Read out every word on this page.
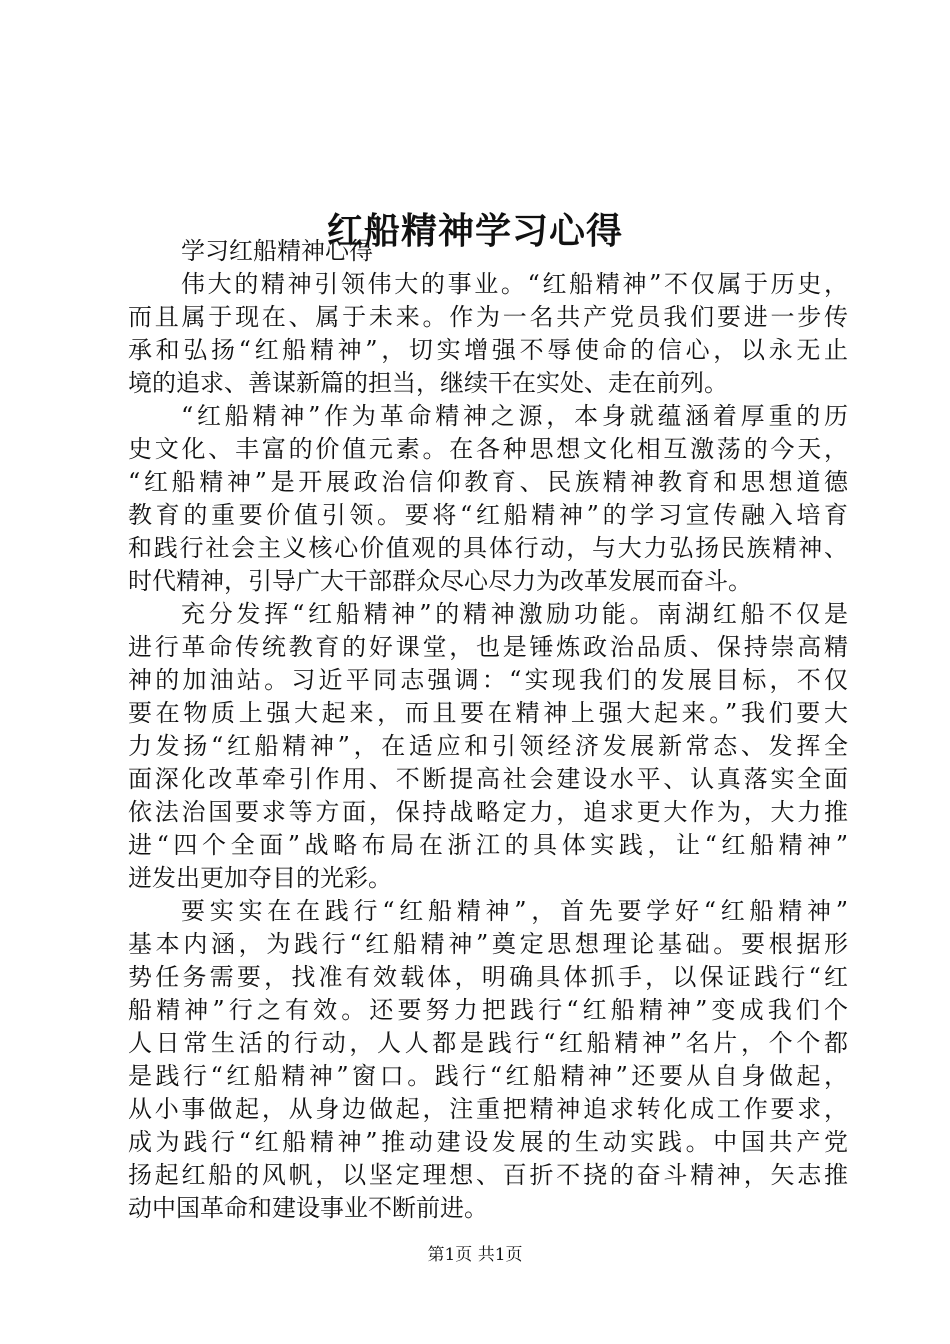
红船精神学习心得
学习红船精神心得
伟大的精神引领伟大的事业。“红船精神”不仅属于历史，
而且属于现在、属于未来。作为一名共产党员我们要进一步传
承和弘扬“红船精神”，切实增强不辱使命的信心，以永无止
境的追求、善谋新篇的担当，继续干在实处、走在前列。
“红船精神”作为革命精神之源，本身就蕴涵着厚重的历
史文化、丰富的价值元素。在各种思想文化相互激荡的今天，
“红船精神”是开展政治信仰教育、民族精神教育和思想道德
教育的重要价值引领。要将“红船精神”的学习宣传融入培育
和践行社会主义核心价值观的具体行动，与大力弘扬民族精神、
时代精神，引导广大干部群众尽心尽力为改革发展而奋斗。
充分发挥“红船精神”的精神激励功能。南湖红船不仅是
进行革命传统教育的好课堂，也是锤炼政治品质、保持崇高精
神的加油站。习近平同志强调：“实现我们的发展目标，不仅
要在物质上强大起来，而且要在精神上强大起来。”我们要大
力发扬“红船精神”，在适应和引领经济发展新常态、发挥全
面深化改革牵引作用、不断提高社会建设水平、认真落实全面
依法治国要求等方面，保持战略定力，追求更大作为，大力推
进“四个全面”战略布局在浙江的具体实践，让“红船精神”
迸发出更加夺目的光彩。
要实实在在践行“红船精神”，首先要学好“红船精神”
基本内涵，为践行“红船精神”奠定思想理论基础。要根据形
势任务需要，找准有效载体，明确具体抓手，以保证践行“红
船精神”行之有效。还要努力把践行“红船精神”变成我们个
人日常生活的行动，人人都是践行“红船精神”名片，个个都
是践行“红船精神”窗口。践行“红船精神”还要从自身做起，
从小事做起，从身边做起，注重把精神追求转化成工作要求，
成为践行“红船精神”推动建设发展的生动实践。中国共产党
扬起红船的风帆，以坚定理想、百折不挠的奋斗精神，矢志推
动中国革命和建设事业不断前进。
第1页 共1页
